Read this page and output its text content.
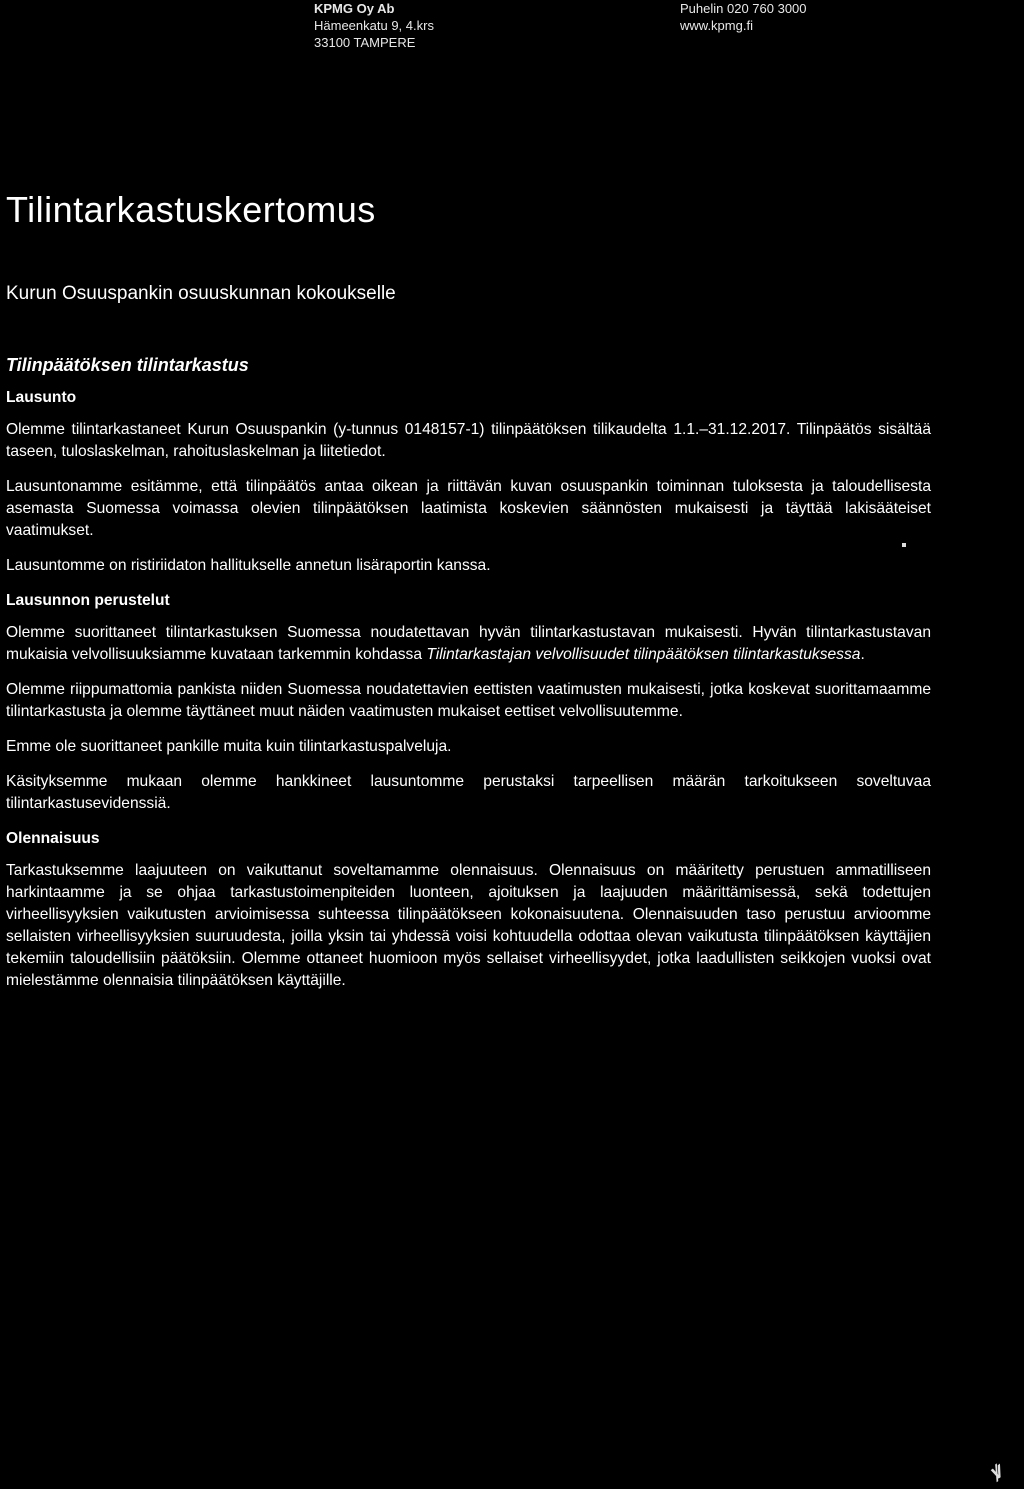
KPMG Oy Ab
Hämeenkatu 9, 4.krs
33100 TAMPERE
Puhelin 020 760 3000
www.kpmg.fi
Tilintarkastuskertomus
Kurun Osuuspankin osuuskunnan kokoukselle
Tilinpäätöksen tilintarkastus
Lausunto

Olemme tilintarkastaneet Kurun Osuuspankin (y-tunnus 0148157-1) tilinpäätöksen tilikaudelta 1.1.–31.12.2017. Tilinpäätös sisältää taseen, tuloslaskelman, rahoituslaskelman ja liitetiedot.

Lausuntonamme esitämme, että tilinpäätös antaa oikean ja riittävän kuvan osuuspankin toiminnan tuloksesta ja taloudellisesta asemasta Suomessa voimassa olevien tilinpäätöksen laatimista koskevien säännösten mukaisesti ja täyttää lakisääteiset vaatimukset.

Lausuntomme on ristiriidaton hallitukselle annetun lisäraportin kanssa.

Lausunnon perustelut

Olemme suorittaneet tilintarkastuksen Suomessa noudatettavan hyvän tilintarkastustavan mukaisesti. Hyvän tilintarkastustavan mukaisia velvollisuuksiamme kuvataan tarkemmin kohdassa Tilintarkastajan velvollisuudet tilinpäätöksen tilintarkastuksessa.

Olemme riippumattomia pankista niiden Suomessa noudatettavien eettisten vaatimusten mukaisesti, jotka koskevat suorittamaamme tilintarkastusta ja olemme täyttäneet muut näiden vaatimusten mukaiset eettiset velvollisuutemme.

Emme ole suorittaneet pankille muita kuin tilintarkastuspalveluja.

Käsityksemme mukaan olemme hankkineet lausuntomme perustaksi tarpeellisen määrän tarkoitukseen soveltuvaa tilintarkastusevidenssiä.

Olennaisuus

Tarkastuksemme laajuuteen on vaikuttanut soveltamamme olennaisuus. Olennaisuus on määritetty perustuen ammatilliseen harkintaamme ja se ohjaa tarkastustoimenpiteiden luonteen, ajoituksen ja laajuuden määrittämisessä, sekä todettujen virheellisyyksien vaikutusten arvioimisessa suhteessa tilinpäätökseen kokonaisuutena. Olennaisuuden taso perustuu arvioomme sellaisten virheellisyyksien suuruudesta, joilla yksin tai yhdessä voisi kohtuudella odottaa olevan vaikutusta tilinpäätöksen käyttäjien tekemiin taloudellisiin päätöksiin. Olemme ottaneet huomioon myös sellaiset virheellisyydet, jotka laadullisten seikkojen vuoksi ovat mielestämme olennaisia tilinpäätöksen käyttäjille.

ꝟ
